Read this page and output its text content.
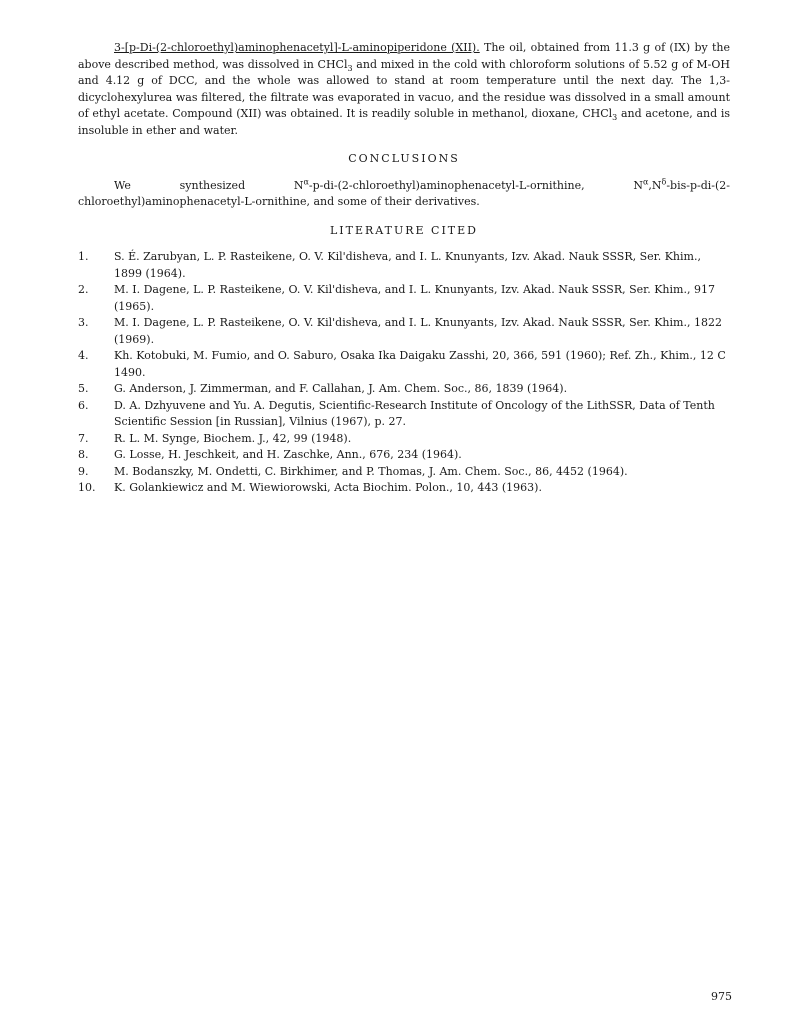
3-[p-Di-(2-chloroethyl)aminophenacetyl]-L-aminopiperidone (XII). The oil, obtained from 11.3 g of (IX) by the above described method, was dissolved in CHCl$_3$ and mixed in the cold with chloroform solutions of 5.52 g of M-OH and 4.12 g of DCC, and the whole was allowed to stand at room temperature until the next day. The 1,3-dicyclohexylurea was filtered, the filtrate was evaporated in vacuo, and the residue was dissolved in a small amount of ethyl acetate. Compound (XII) was obtained. It is readily soluble in methanol, dioxane, CHCl$_3$ and acetone, and is insoluble in ether and water.

CONCLUSIONS

We synthesized $N^\alpha-p-di-(2-chloroethyl)aminophenacetyl-L$-ornithine, $N^\alpha,N^\delta-bis-p-di-(2-chloroethyl)aminophenacetyl-L$-ornithine, and some of their derivatives.

LITERATURE CITED
1.	S. É. Zarubyan, L. P. Rasteikene, O. V. Kil'disheva, and I. L. Knunyants, Izv. Akad. Nauk SSSR, Ser. Khim., 1899 (1964).
2.	M. I. Dagene, L. P. Rasteikene, O. V. Kil'disheva, and I. L. Knunyants, Izv. Akad. Nauk SSSR, Ser. Khim., 917 (1965).
3.	M. I. Dagene, L. P. Rasteikene, O. V. Kil'disheva, and I. L. Knunyants, Izv. Akad. Nauk SSSR, Ser. Khim., 1822 (1969).
4.	Kh. Kotobuki, M. Fumio, and O. Saburo, Osaka Ika Daigaku Zasshi, 20, 366, 591 (1960); Ref. Zh., Khim., 12 C 1490.
5.	G. Anderson, J. Zimmerman, and F. Callahan, J. Am. Chem. Soc., 86, 1839 (1964).
6.	D. A. Dzhyuvene and Yu. A. Degutis, Scientific-Research Institute of Oncology of the LithSSR, Data of Tenth Scientific Session [in Russian], Vilnius (1967), p. 27.
7.	R. L. M. Synge, Biochem. J., 42, 99 (1948).
8.	G. Losse, H. Jeschkeit, and H. Zaschke, Ann., 676, 234 (1964).
9.	M. Bodanszky, M. Ondetti, C. Birkhimer, and P. Thomas, J. Am. Chem. Soc., 86, 4452 (1964).
10.	K. Golankiewicz and M. Wiewiorowski, Acta Biochim. Polon., 10, 443 (1963).
975
